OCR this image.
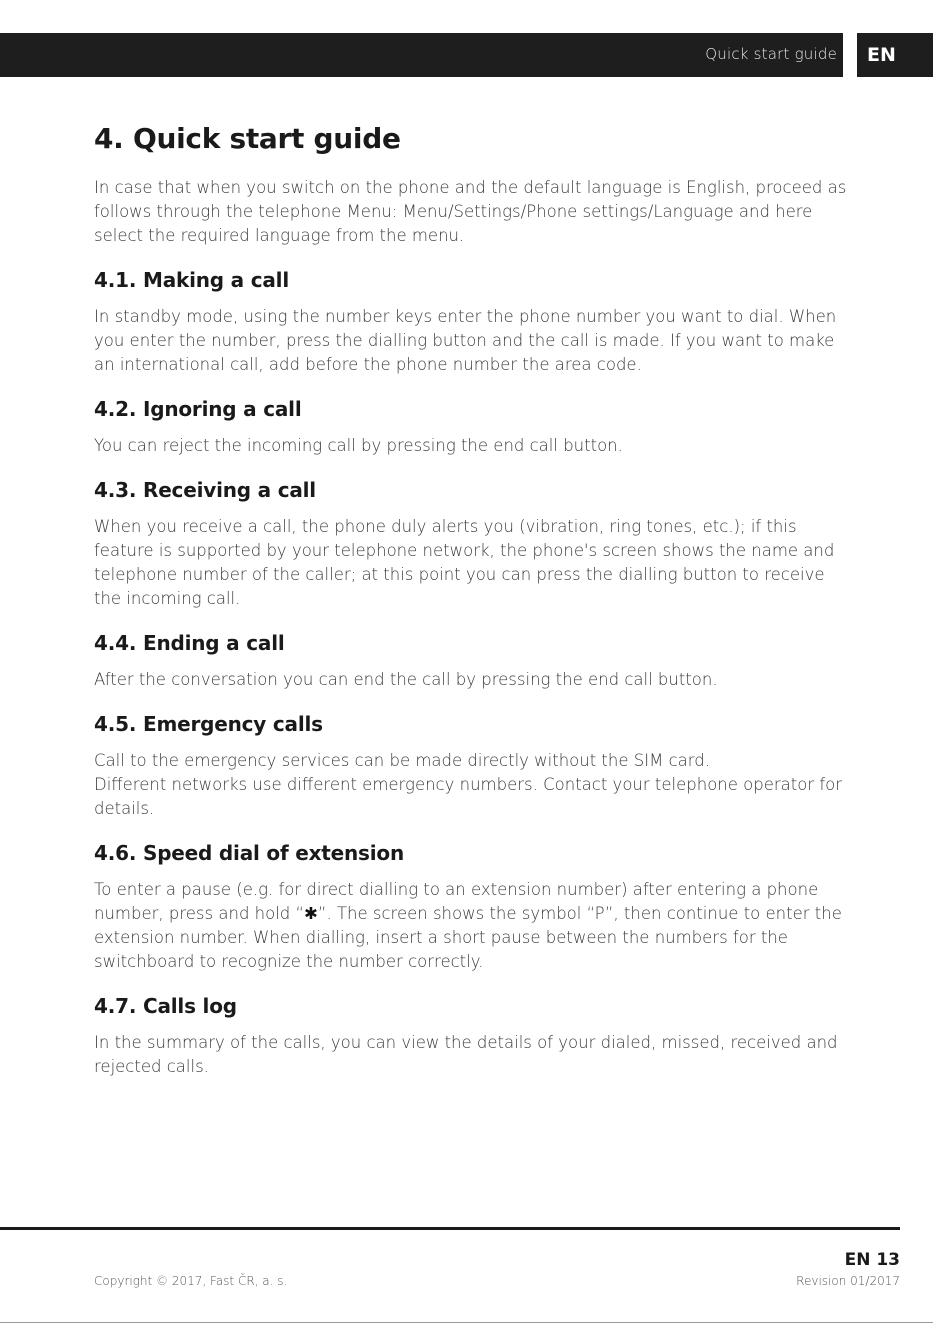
Quick start guide	EN
4. Quick start guide

In case that when you switch on the phone and the default language is English, proceed as follows through the telephone Menu: Menu/Settings/Phone settings/Language and here select the required language from the menu.

4.1. Making a call

In standby mode, using the number keys enter the phone number you want to dial. When you enter the number, press the dialling button and the call is made. If you want to make an international call, add before the phone number the area code.

4.2. Ignoring a call

You can reject the incoming call by pressing the end call button.

4.3. Receiving a call

When you receive a call, the phone duly alerts you (vibration, ring tones, etc.); if this feature is supported by your telephone network, the phone's screen shows the name and telephone number of the caller; at this point you can press the dialling button to receive the incoming call.

4.4. Ending a call

After the conversation you can end the call by pressing the end call button.

4.5. Emergency calls

Call to the emergency services can be made directly without the SIM card.

Different networks use different emergency numbers. Contact your telephone operator for details.

4.6. Speed dial of extension

To enter a pause (e.g. for direct dialling to an extension number) after entering a phone number, press and hold “✱”. The screen shows the symbol “P”, then continue to enter the extension number. When dialling, insert a short pause between the numbers for the switchboard to recognize the number correctly.

4.7. Calls log

In the summary of the calls, you can view the details of your dialed, missed, received and rejected calls.

EN 13
Copyright © 2017, Fast ČR, a. s.	Revision 01/2017
